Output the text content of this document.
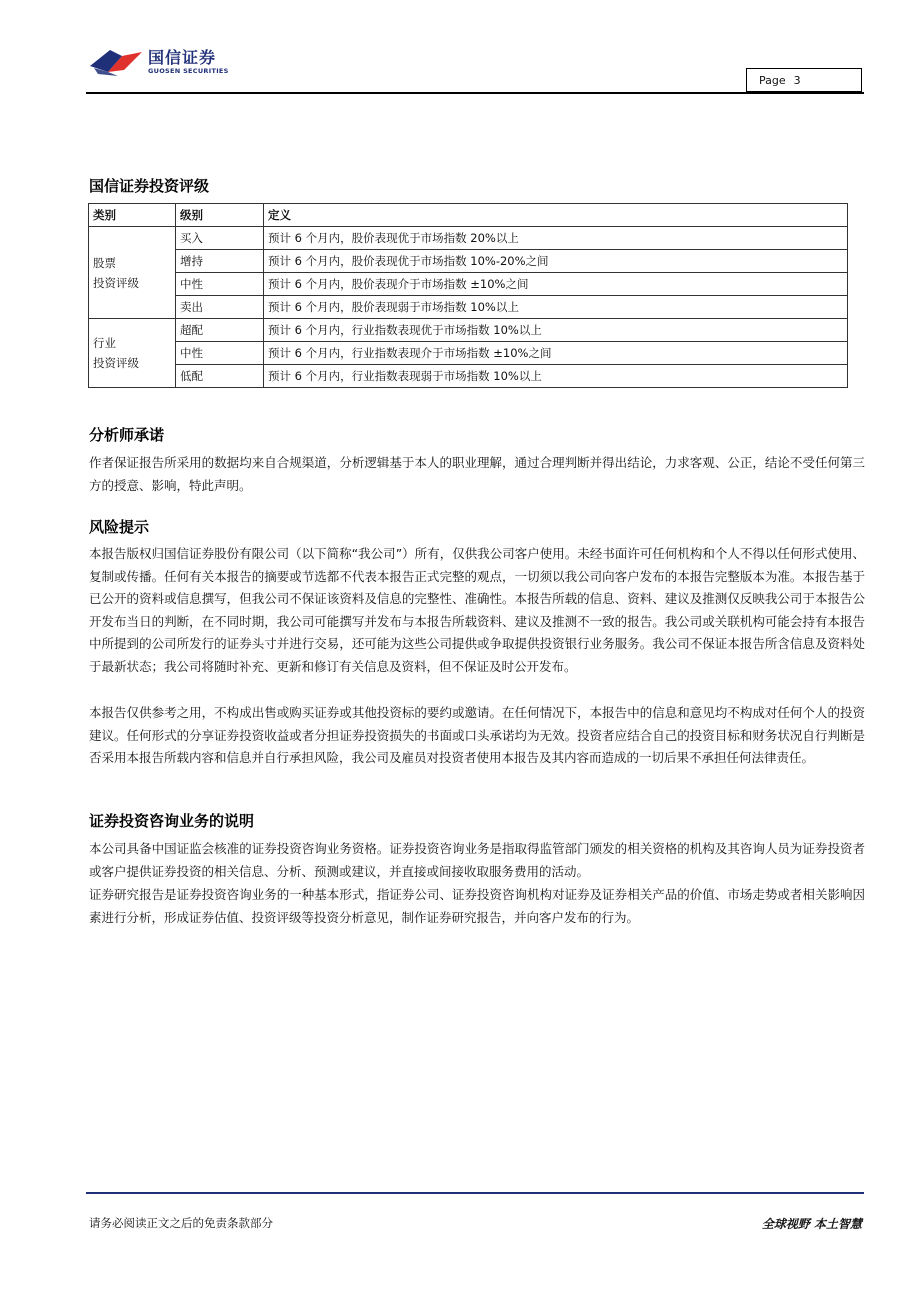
国信证券
GUOSEN SECURITIES
Page 3
国信证券投资评级
类别	级别	定义
股票
投资评级	买入	预计 6 个月内，股价表现优于市场指数 20%以上
	增持	预计 6 个月内，股价表现优于市场指数 10%-20%之间
	中性	预计 6 个月内，股价表现介于市场指数 ±10%之间
	卖出	预计 6 个月内，股价表现弱于市场指数 10%以上
行业
投资评级	超配	预计 6 个月内，行业指数表现优于市场指数 10%以上
	中性	预计 6 个月内，行业指数表现介于市场指数 ±10%之间
	低配	预计 6 个月内，行业指数表现弱于市场指数 10%以上
分析师承诺

作者保证报告所采用的数据均来自合规渠道，分析逻辑基于本人的职业理解，通过合理判断并得出结论，力求客观、公正，结论不受任何第三方的授意、影响，特此声明。

风险提示

本报告版权归国信证券股份有限公司（以下简称“我公司”）所有，仅供我公司客户使用。未经书面许可任何机构和个人不得以任何形式使用、复制或传播。任何有关本报告的摘要或节选都不代表本报告正式完整的观点，一切须以我公司向客户发布的本报告完整版本为准。本报告基于已公开的资料或信息撰写，但我公司不保证该资料及信息的完整性、准确性。本报告所载的信息、资料、建议及推测仅反映我公司于本报告公开发布当日的判断，在不同时期，我公司可能撰写并发布与本报告所载资料、建议及推测不一致的报告。我公司或关联机构可能会持有本报告中所提到的公司所发行的证券头寸并进行交易，还可能为这些公司提供或争取提供投资银行业务服务。我公司不保证本报告所含信息及资料处于最新状态；我公司将随时补充、更新和修订有关信息及资料，但不保证及时公开发布。

本报告仅供参考之用，不构成出售或购买证券或其他投资标的要约或邀请。在任何情况下，本报告中的信息和意见均不构成对任何个人的投资建议。任何形式的分享证券投资收益或者分担证券投资损失的书面或口头承诺均为无效。投资者应结合自己的投资目标和财务状况自行判断是否采用本报告所载内容和信息并自行承担风险，我公司及雇员对投资者使用本报告及其内容而造成的一切后果不承担任何法律责任。

证券投资咨询业务的说明

本公司具备中国证监会核准的证券投资咨询业务资格。证券投资咨询业务是指取得监管部门颁发的相关资格的机构及其咨询人员为证券投资者或客户提供证券投资的相关信息、分析、预测或建议，并直接或间接收取服务费用的活动。

证券研究报告是证券投资咨询业务的一种基本形式，指证券公司、证券投资咨询机构对证券及证券相关产品的价值、市场走势或者相关影响因素进行分析，形成证券估值、投资评级等投资分析意见，制作证券研究报告，并向客户发布的行为。

请务必阅读正文之后的免责条款部分	全球视野 本土智慧
